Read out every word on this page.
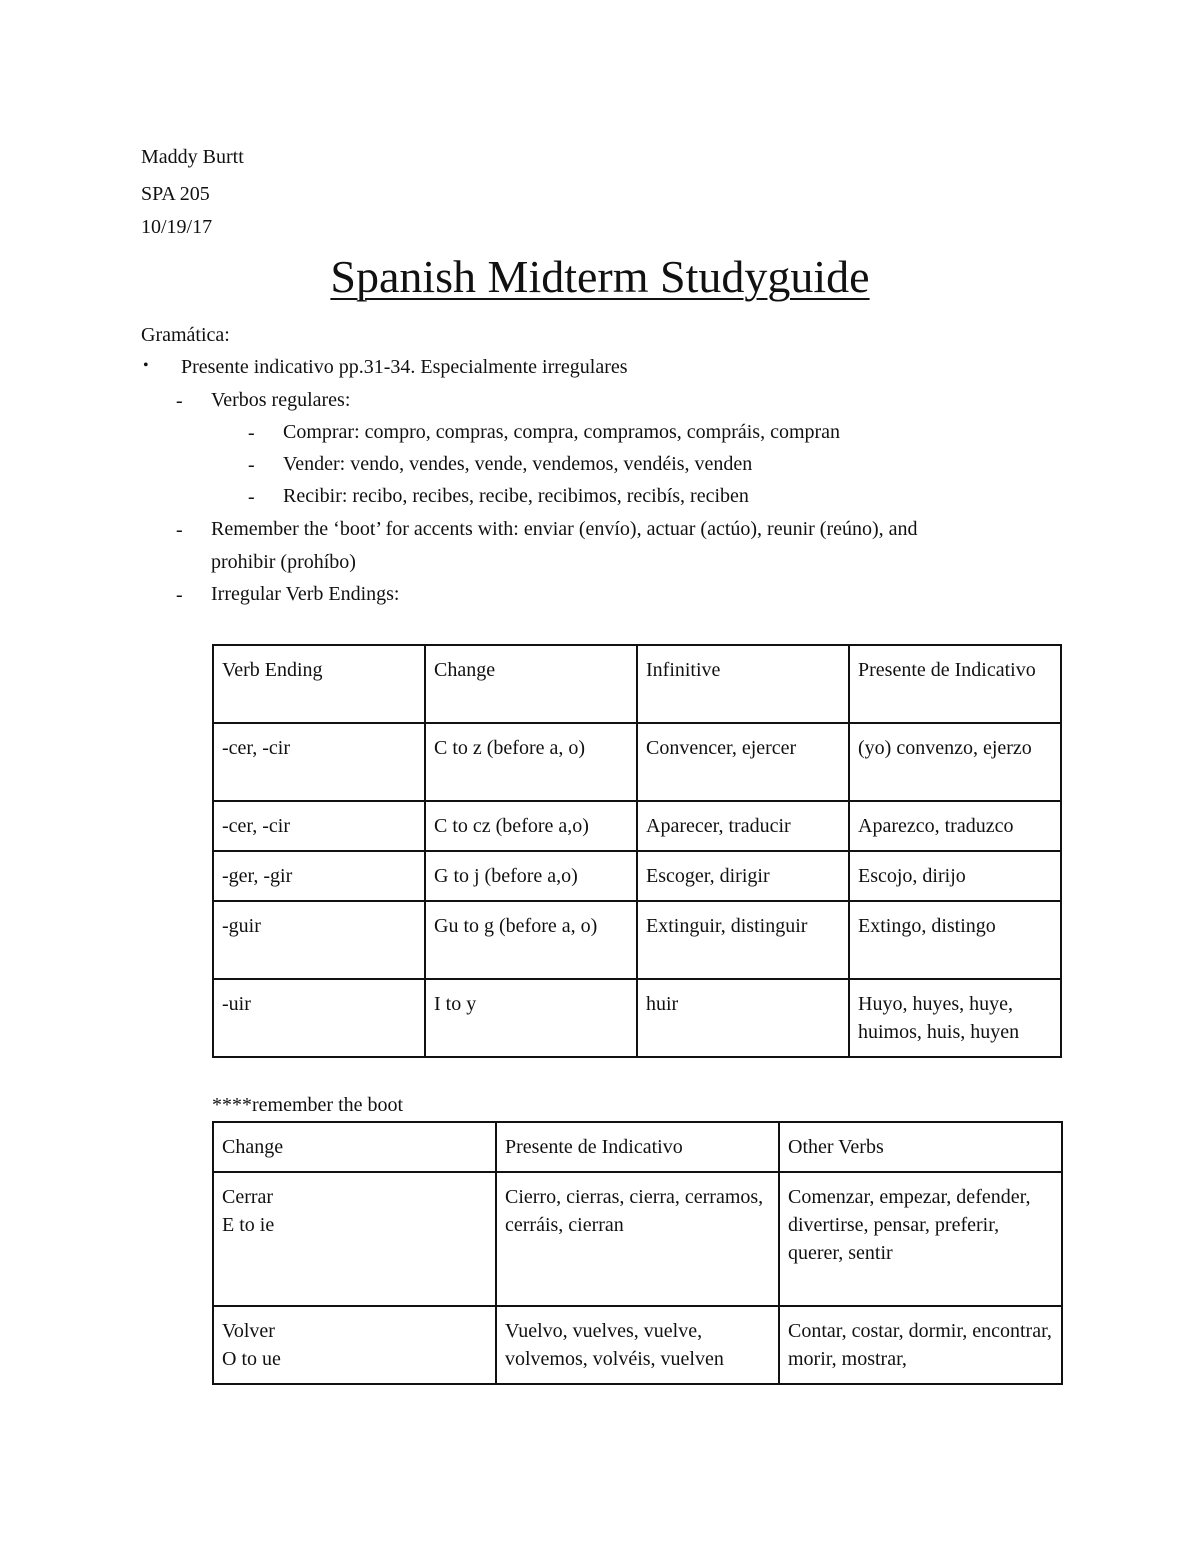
Maddy Burtt
SPA 205
10/19/17
Spanish Midterm Studyguide
Gramática:
• Presente indicativo pp.31-34. Especialmente irregulares
- Verbos regulares:
- Comprar: compro, compras, compra, compramos, compráis, compran
- Vender: vendo, vendes, vende, vendemos, vendéis, venden
- Recibir: recibo, recibes, recibe, recibimos, recibís, reciben
- Remember the ‘boot’ for accents with: enviar (envío), actuar (actúo), reunir (reúno), and
prohibir (prohíbo)
- Irregular Verb Endings:
Verb Ending	Change	Infinitive	Presente de Indicativo
-cer, -cir	C to z (before a, o)	Convencer, ejercer	(yo) convenzo, ejerzo
-cer, -cir	C to cz (before a,o)	Aparecer, traducir	Aparezco, traduzco
-ger, -gir	G to j (before a,o)	Escoger, dirigir	Escojo, dirijo
-guir	Gu to g (before a, o)	Extinguir, distinguir	Extingo, distingo
-uir	I to y	huir	Huyo, huyes, huye, huimos, huis, huyen
****remember the boot
Change	Presente de Indicativo	Other Verbs

Cerrar
E to ie	Cierro, cierras, cierra, cerramos, cerráis, cierran	Comenzar, empezar, defender, divertirse, pensar, preferir, querer, sentir

Volver
O to ue	Vuelvo, vuelves, vuelve, volvemos, volvéis, vuelven	Contar, costar, dormir, encontrar, morir, mostrar,
